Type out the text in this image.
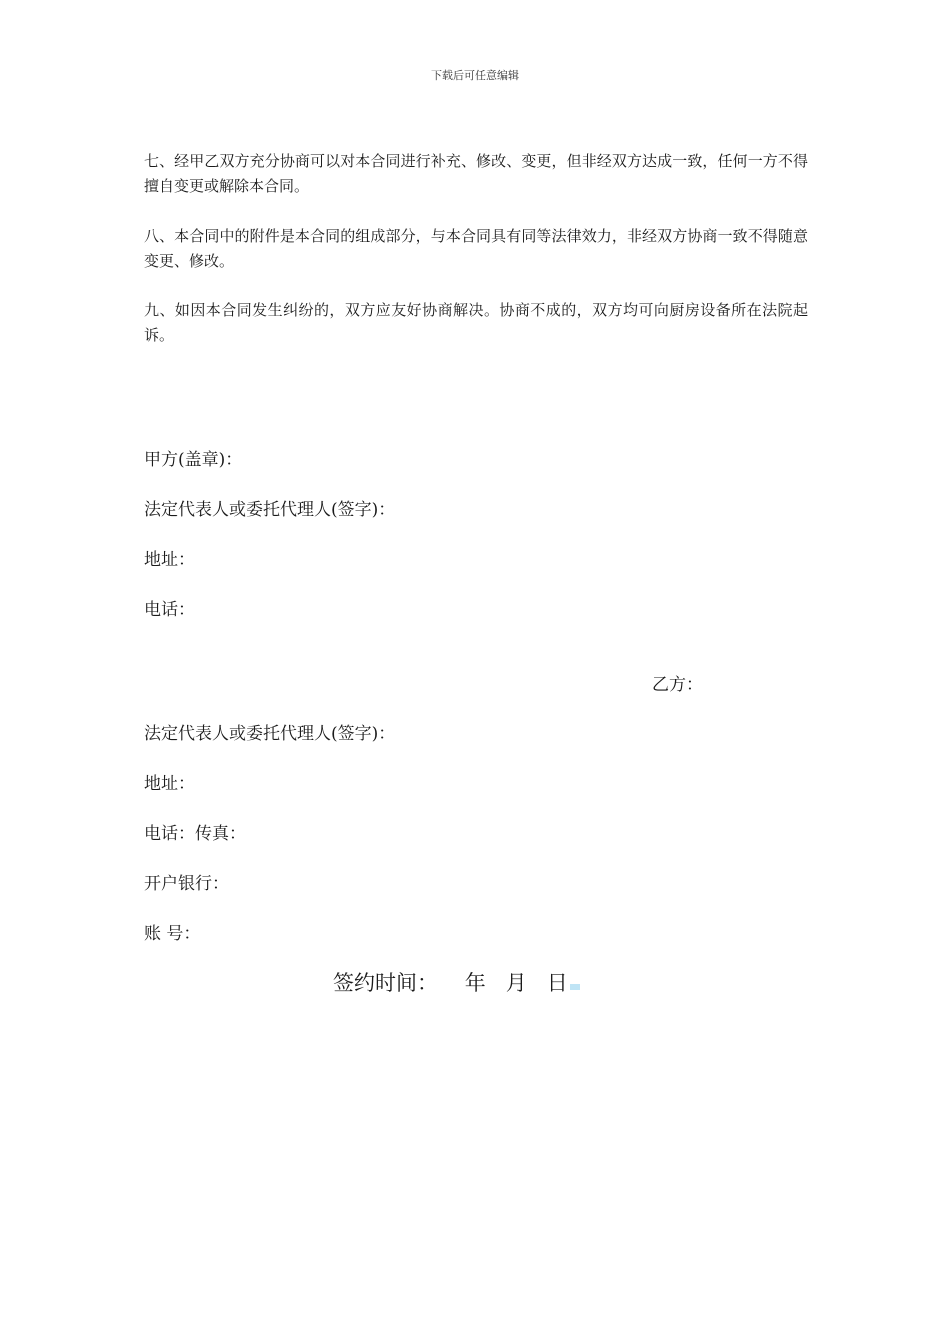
下载后可任意编辑

七、经甲乙双方充分协商可以对本合同进行补充、修改、变更，但非经双方达成一致，任何一方不得擅自变更或解除本合同。

八、本合同中的附件是本合同的组成部分，与本合同具有同等法律效力，非经双方协商一致不得随意变更、修改。

九、如因本合同发生纠纷的，双方应友好协商解决。协商不成的，双方均可向厨房设备所在法院起诉。

甲方(盖章)：

法定代表人或委托代理人(签字)：

地址：

电话：

乙方：

法定代表人或委托代理人(签字)：

地址：

电话：传真：

开户银行：

账 号：

签约时间：    年   月   日
